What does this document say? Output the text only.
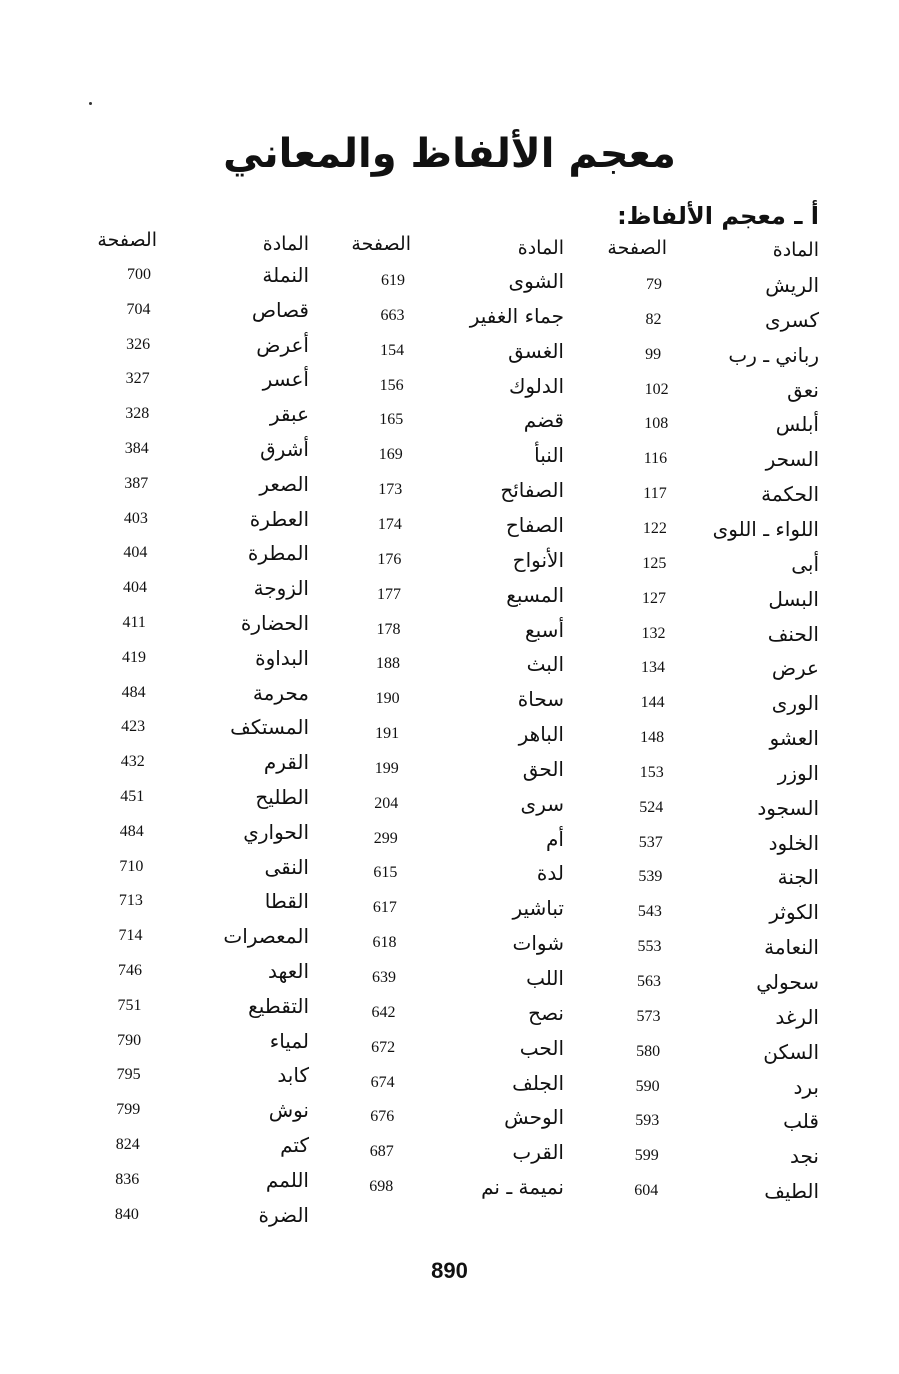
معجم الألفاظ والمعاني
أ ـ معجم الألفاظ:
المادة
الصفحة
المادة
الصفحة
المادة
الصفحة
الريش
79
كسرى
82
رباني ـ رب
99
نعق
102
أبلس
108
السحر
116
الحكمة
117
اللواء ـ اللوى
122
أبى
125
البسل
127
الحنف
132
عرض
134
الورى
144
العشو
148
الوزر
153
السجود
524
الخلود
537
الجنة
539
الكوثر
543
النعامة
553
سحولي
563
الرغد
573
السكن
580
برد
590
قلب
593
نجد
599
الطيف
604
الشوى
619
جماء الغفير
663
الغسق
154
الدلوك
156
قضم
165
النبأ
169
الصفائح
173
الصفاح
174
الأنواح
176
المسبع
177
أسبع
178
البث
188
سحاة
190
الباهر
191
الحق
199
سرى
204
أم
299
لدة
615
تباشير
617
شوات
618
اللب
639
نصح
642
الحب
672
الجلف
674
الوحش
676
القرب
687
نميمة ـ نم
698
النملة
700
قصاص
704
أعرض
326
أعسر
327
عبقر
328
أشرق
384
الصعر
387
العطرة
403
المطرة
404
الزوجة
404
الحضارة
411
البداوة
419
محرمة
484
المستكف
423
القرم
432
الطليح
451
الحواري
484
النقى
710
القطا
713
المعصرات
714
العهد
746
التقطيع
751
لمياء
790
كابد
795
نوش
799
كتم
824
اللمم
836
الضرة
840
890
